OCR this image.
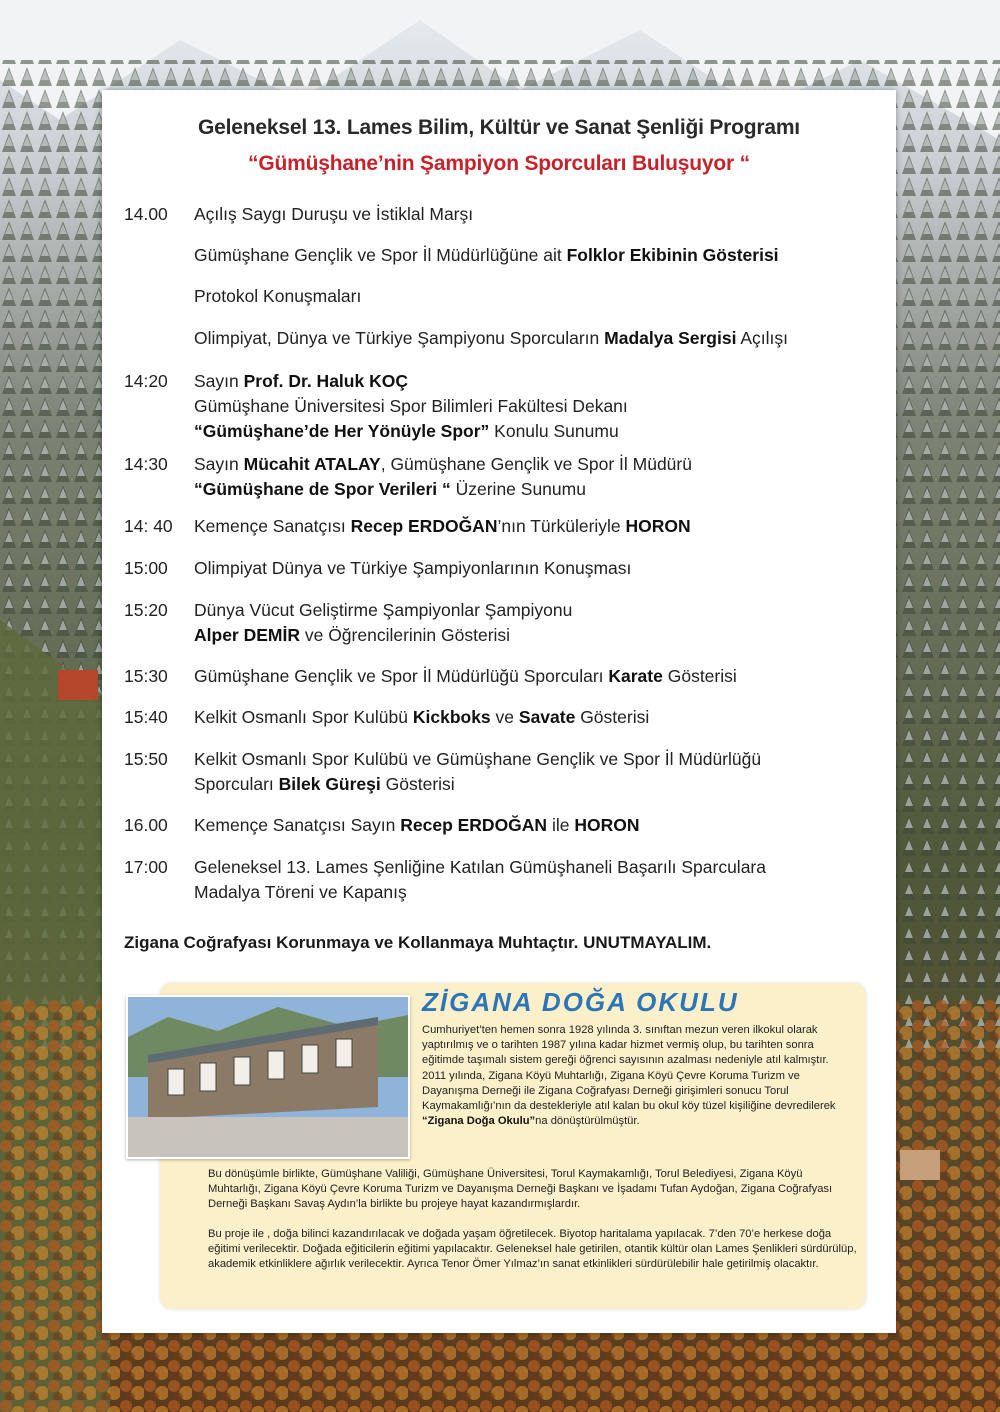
Geleneksel 13. Lames Bilim, Kültür ve Sanat Şenliği Programı
“Gümüşhane’nin Şampiyon Sporcuları Buluşuyor “
14.00	Açılış Saygı Duruşu ve İstiklal Marşı
Gümüşhane Gençlik ve Spor İl Müdürlüğüne ait Folklor Ekibinin Gösterisi
Protokol Konuşmaları
Olimpiyat, Dünya ve Türkiye Şampiyonu Sporcuların Madalya Sergisi Açılışı
14:20	Sayın Prof. Dr. Haluk KOÇ
Gümüşhane Üniversitesi Spor Bilimleri Fakültesi Dekanı
“Gümüşhane’de Her Yönüyle Spor” Konulu Sunumu
14:30	Sayın Mücahit ATALAY, Gümüşhane Gençlik ve Spor İl Müdürü
“Gümüşhane de Spor Verileri “ Üzerine Sunumu
14: 40	Kemençe Sanatçısı Recep ERDOĞAN’nın Türküleriyle HORON
15:00	Olimpiyat Dünya ve Türkiye Şampiyonlarının Konuşması
15:20	Dünya Vücut Geliştirme Şampiyonlar Şampiyonu
Alper DEMİR ve Öğrencilerinin Gösterisi
15:30	Gümüşhane Gençlik ve Spor İl Müdürlüğü Sporcuları Karate Gösterisi
15:40	Kelkit Osmanlı Spor Kulübü Kickboks ve Savate Gösterisi
15:50	Kelkit Osmanlı Spor Kulübü ve Gümüşhane Gençlik ve Spor İl Müdürlüğü
Sporcuları Bilek Güreşi Gösterisi
16.00	Kemençe Sanatçısı Sayın Recep ERDOĞAN ile HORON
17:00	Geleneksel 13. Lames Şenliğine Katılan Gümüşhaneli Başarılı Sparculara
Madalya Töreni ve Kapanış
Zigana Coğrafyası Korunmaya ve Kollanmaya Muhtaçtır. UNUTMAYALIM.
ZİGANA DOĞA OKULU
Cumhuriyet’ten hemen sonra 1928 yılında 3. sınıftan mezun veren ilkokul olarak yaptırılmış ve o tarihten 1987 yılına kadar hizmet vermiş olup, bu tarihten sonra eğitimde taşımalı sistem gereği öğrenci sayısının azalması nedeniyle atıl kalmıştır. 2011 yılında, Zigana Köyü Muhtarlığı, Zigana Köyü Çevre Koruma Turizm ve Dayanışma Derneği ile Zigana Coğrafyası Derneği girişimleri sonucu Torul Kaymakamlığı’nın da destekleriyle atıl kalan bu okul köy tüzel kişiliğine devredilerek “Zigana Doğa Okulu”na dönüştürülmüştür.
Bu dönüşümle birlikte, Gümüşhane Valiliği, Gümüşhane Üniversitesi, Torul Kaymakamlığı, Torul Belediyesi, Zigana Köyü Muhtarlığı, Zigana Köyü Çevre Koruma Turizm ve Dayanışma Derneği Başkanı ve İşadamı Tufan Aydoğan, Zigana Coğrafyası Derneği Başkanı Savaş Aydın’la birlikte bu projeye hayat kazandırmışlardır.
Bu proje ile , doğa bilinci kazandırılacak ve doğada yaşam öğretilecek. Biyotop haritalama yapılacak. 7’den 70’e herkese doğa eğitimi verilecektir. Doğada eğiticilerin eğitimi yapılacaktır. Geleneksel hale getirilen, otantik kültür olan Lames Şenlikleri sürdürülüp, akademik etkinliklere ağırlık verilecektir. Ayrıca Tenor Ömer Yılmaz’ın sanat etkinlikleri sürdürülebilir hale getirilmiş olacaktır.
